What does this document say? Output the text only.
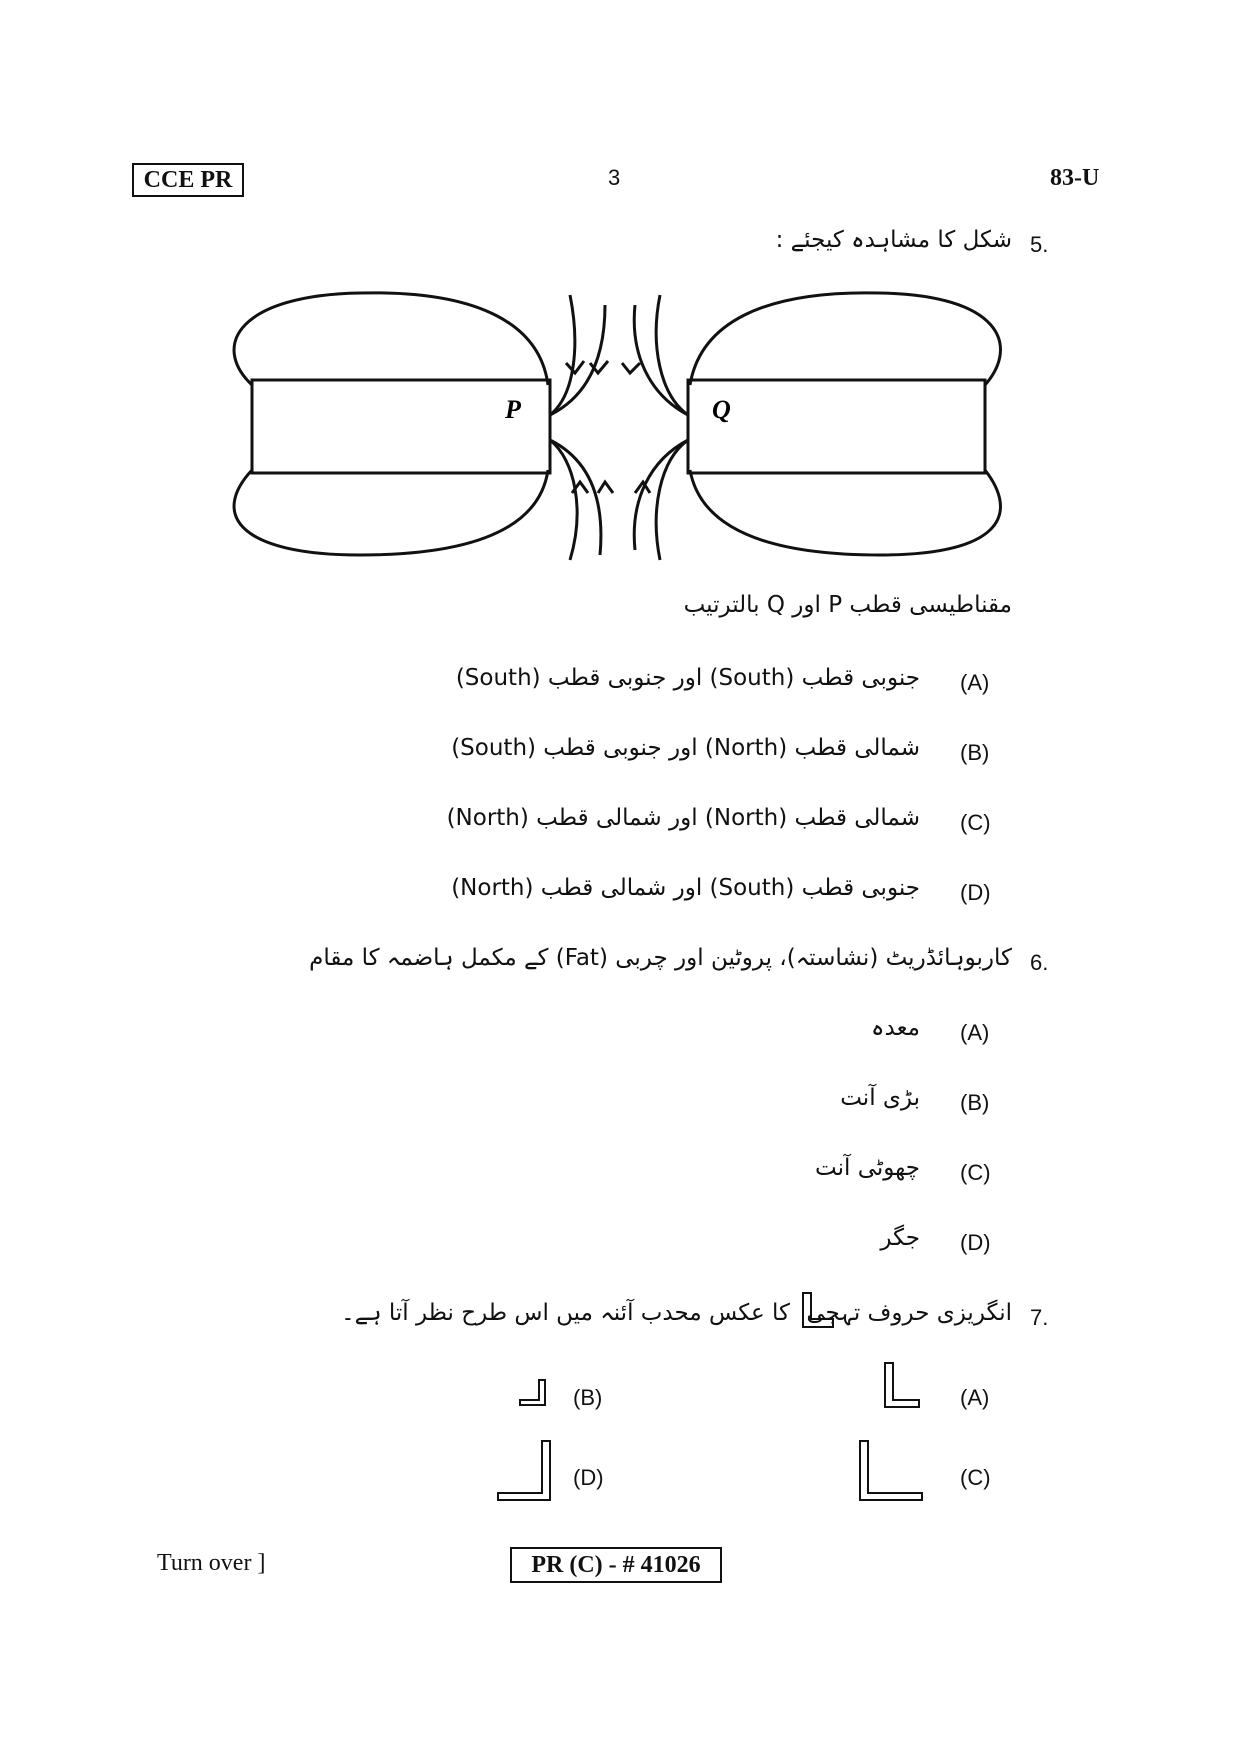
CCE PR	3	83-U
5.
شکل کا مشاہدہ کیجئے :
P	Q
مقناطیسی قطب P اور Q بالترتیب
(A)
جنوبی قطب (South) اور جنوبی قطب (South)
(B)
شمالی قطب (North) اور جنوبی قطب (South)
(C)
شمالی قطب (North) اور شمالی قطب (North)
(D)
جنوبی قطب (South) اور شمالی قطب (North)
6.
کاربوہائڈریٹ (نشاستہ)، پروٹین اور چربی (Fat) کے مکمل ہاضمہ کا مقام
(A)
معدہ
(B)
بڑی آنت
(C)
چھوٹی آنت
(D)
جگر
7.
انگریزی حروف تہجی
کا عکس محدب آئنہ میں اس طرح نظر آتا ہے۔
(A)
(B)
(C)
(D)
Turn over ]	PR (C) - # 41026
